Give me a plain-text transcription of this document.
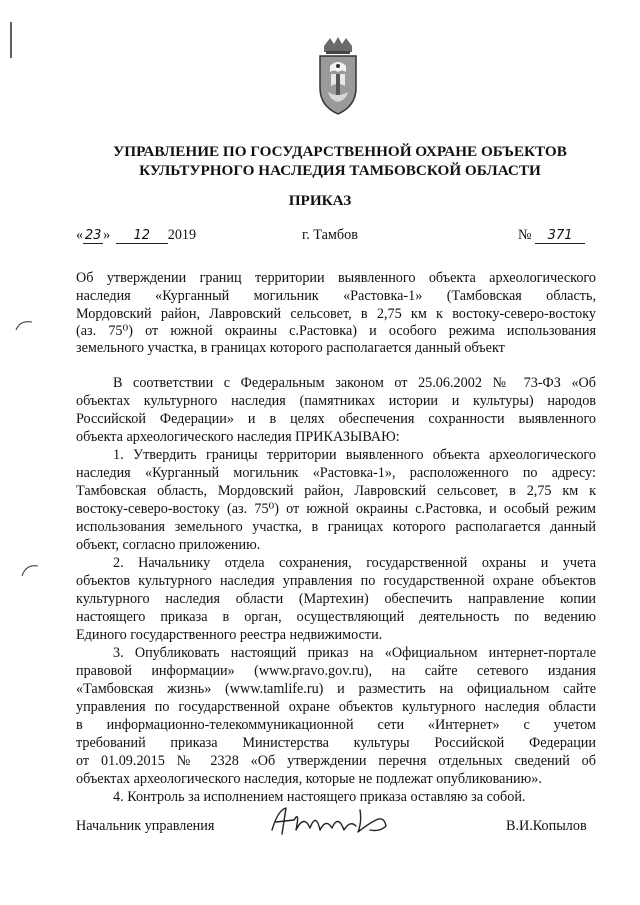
УПРАВЛЕНИЕ ПО ГОСУДАРСТВЕННОЙ ОХРАНЕ ОБЪЕКТОВ
КУЛЬТУРНОГО НАСЛЕДИЯ ТАМБОВСКОЙ ОБЛАСТИ
ПРИКАЗ
« 23 » 12 2019	г. Тамбов	№ 371
Об утверждении границ территории выявленного объекта археологического
наследия «Курганный могильник «Растовка-1» (Тамбовская область,
Мордовский район, Лавровский сельсовет, в 2,75 км к востоку-северо-востоку
(аз. 75⁰) от южной окраины с.Растовка) и особого режима использования
земельного участка, в границах которого располагается данный объект
В соответствии с Федеральным законом от 25.06.2002 № 73-ФЗ «Об
объектах культурного наследия (памятниках истории и культуры) народов
Российской Федерации» и в целях обеспечения сохранности выявленного
объекта археологического наследия ПРИКАЗЫВАЮ:
1. Утвердить границы территории выявленного объекта археологического
наследия «Курганный могильник «Растовка-1», расположенного по адресу:
Тамбовская область, Мордовский район, Лавровский сельсовет, в 2,75 км к
востоку-северо-востоку (аз. 75⁰) от южной окраины с.Растовка, и особый режим
использования земельного участка, в границах которого располагается данный
объект, согласно приложению.
2. Начальнику отдела сохранения, государственной охраны и учета
объектов культурного наследия управления по государственной охране объектов
культурного наследия области (Мартехин) обеспечить направление копии
настоящего приказа в орган, осуществляющий деятельность по ведению
Единого государственного реестра недвижимости.
3. Опубликовать настоящий приказ на «Официальном интернет-портале
правовой информации» (www.pravo.gov.ru), на сайте сетевого издания
«Тамбовская жизнь» (www.tamlife.ru) и разместить на официальном сайте
управления по государственной охране объектов культурного наследия области
в информационно-телекоммуникационной сети «Интернет» с учетом
требований приказа Министерства культуры Российской Федерации
от 01.09.2015 № 2328 «Об утверждении перечня отдельных сведений об
объектах археологического наследия, которые не подлежат опубликованию».
4. Контроль за исполнением настоящего приказа оставляю за собой.
Начальник управления	В.И.Копылов
